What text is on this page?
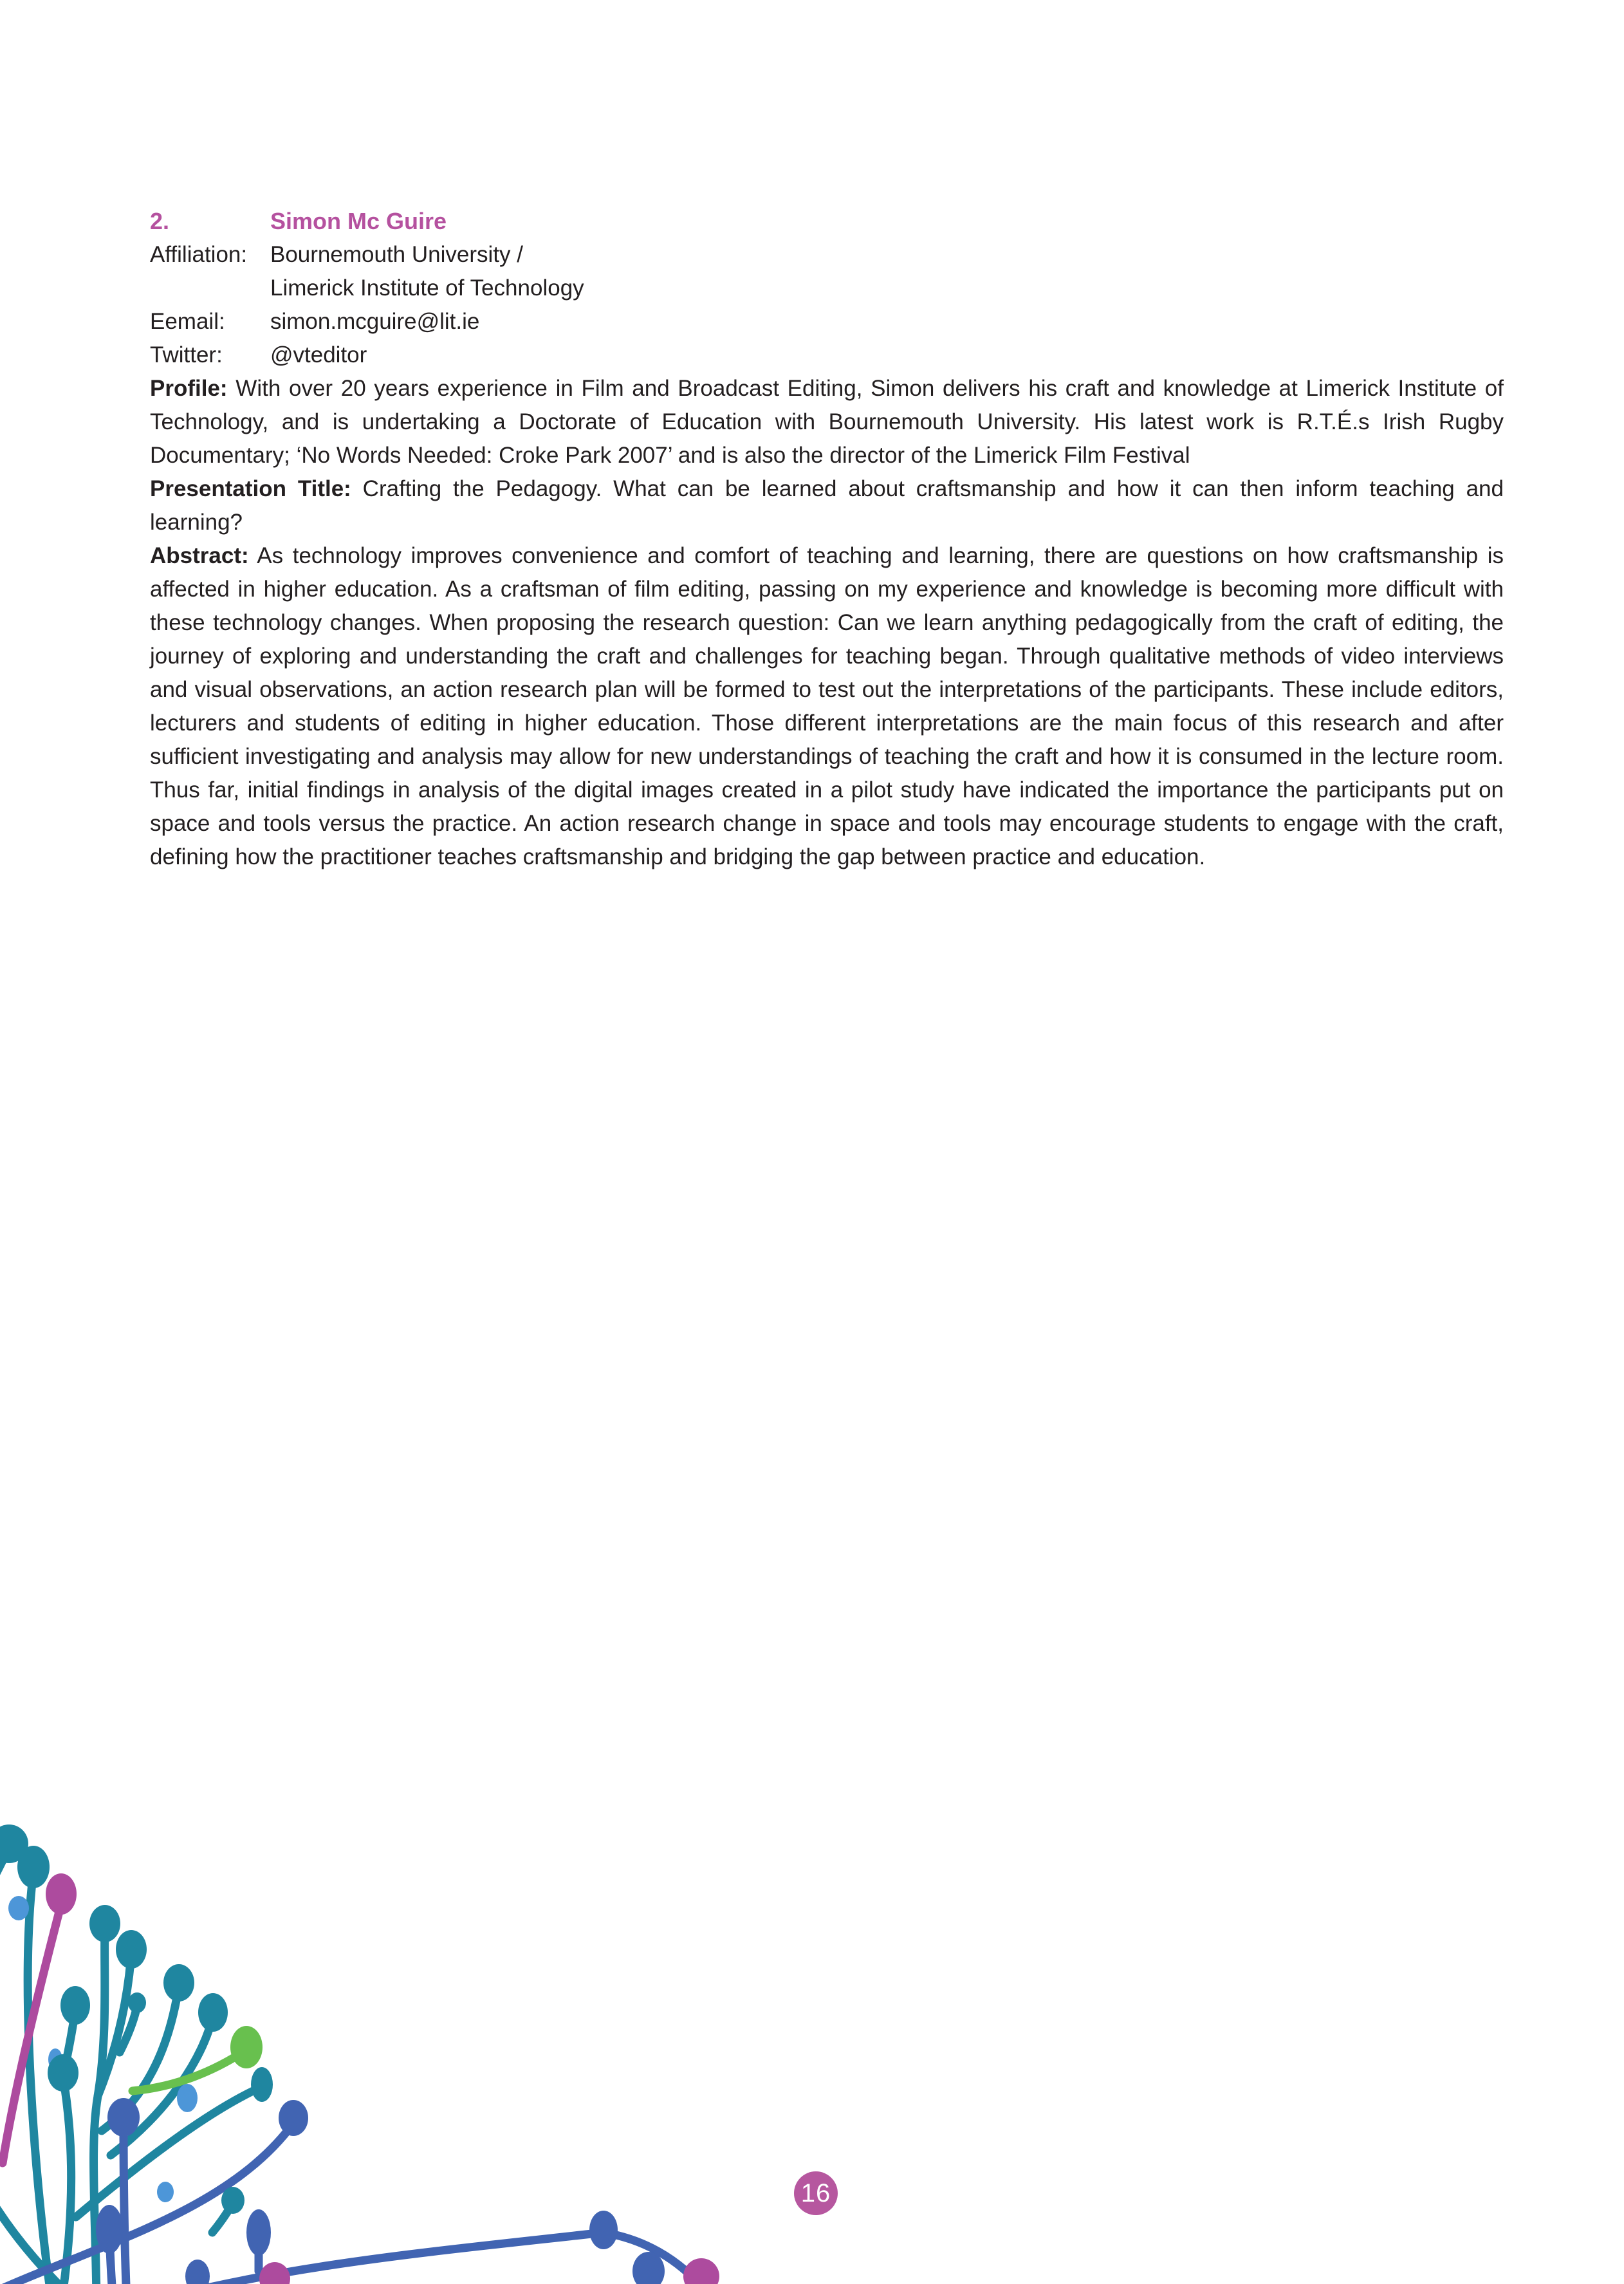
2.	Simon Mc Guire
Affiliation:	Bournemouth University /
Limerick Institute of Technology
Eemail:	simon.mcguire@lit.ie
Twitter:	@vteditor

Profile: With over 20 years experience in Film and Broadcast Editing, Simon delivers his craft and knowledge at Limerick Institute of Technology, and is undertaking a Doctorate of Education with Bournemouth University. His latest work is R.T.É.s Irish Rugby Documentary; ‘No Words Needed: Croke Park 2007’ and is also the director of the Limerick Film Festival

Presentation Title: Crafting the Pedagogy. What can be learned about craftsmanship and how it can then inform teaching and learning?

Abstract: As technology improves convenience and comfort of teaching and learning, there are questions on how craftsmanship is affected in higher education. As a craftsman of film editing, passing on my experience and knowledge is becoming more difficult with these technology changes. When proposing the research question: Can we learn anything pedagogically from the craft of editing, the journey of exploring and understanding the craft and challenges for teaching began. Through qualitative methods of video interviews and visual observations, an action research plan will be formed to test out the interpretations of the participants. These include editors, lecturers and students of editing in higher education. Those different interpretations are the main focus of this research and after sufficient investigating and analysis may allow for new understandings of teaching the craft and how it is consumed in the lecture room. Thus far, initial findings in analysis of the digital images created in a pilot study have indicated the importance the participants put on space and tools versus the practice. An action research change in space and tools may encourage students to engage with the craft, defining how the practitioner teaches craftsmanship and bridging the gap between practice and education.

16
